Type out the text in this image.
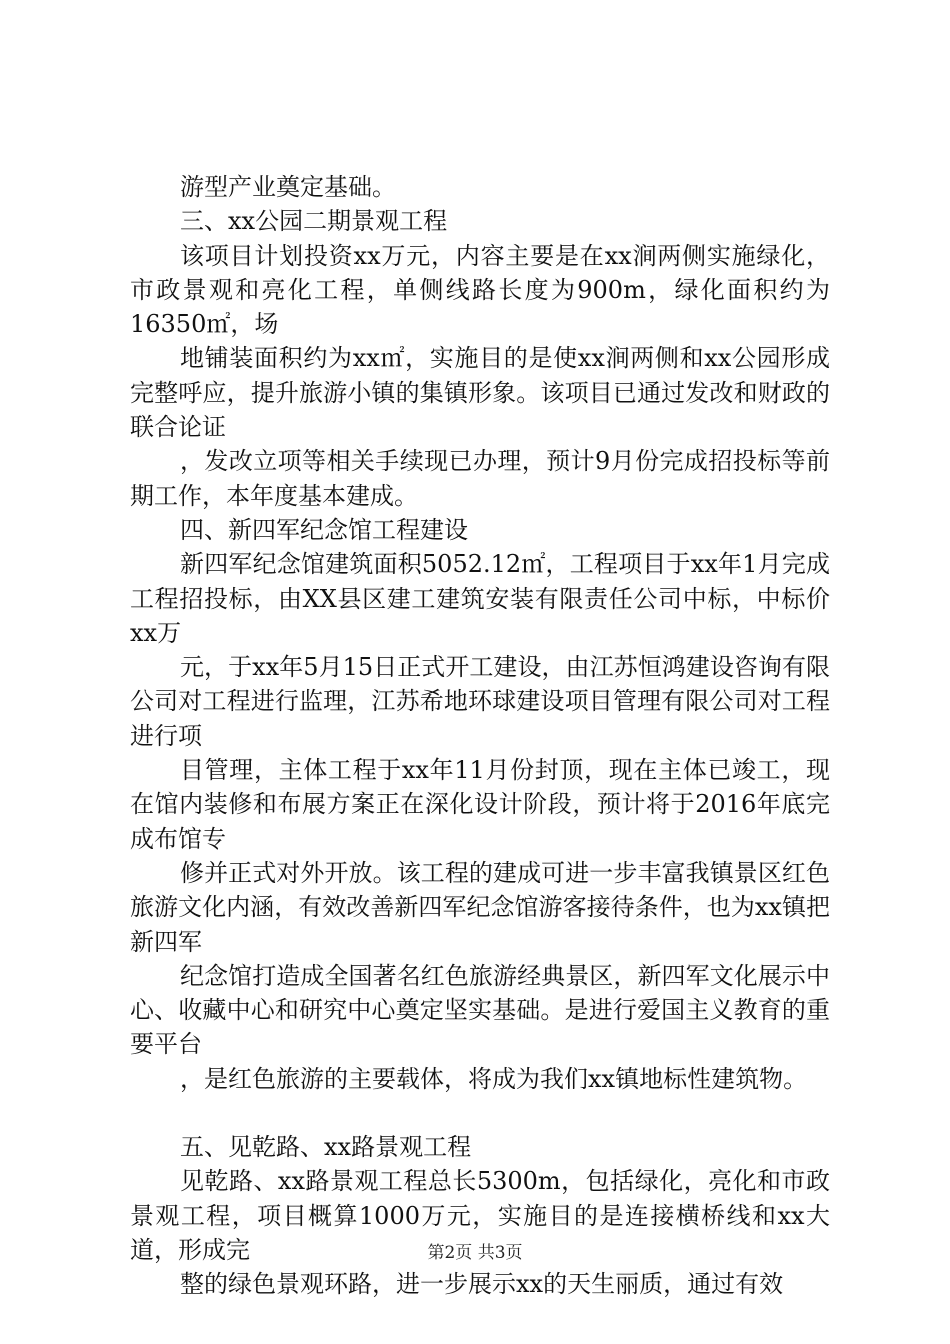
游型产业奠定基础。

三、xx公园二期景观工程

该项目计划投资xx万元，内容主要是在xx涧两侧实施绿化，市政景观和亮化工程，单侧线路长度为900m，绿化面积约为16350㎡，场

地铺装面积约为xx㎡，实施目的是使xx涧两侧和xx公园形成完整呼应，提升旅游小镇的集镇形象。该项目已通过发改和财政的联合论证

，发改立项等相关手续现已办理，预计9月份完成招投标等前期工作，本年度基本建成。

四、新四军纪念馆工程建设

新四军纪念馆建筑面积5052.12㎡，工程项目于xx年1月完成工程招投标，由XX县区建工建筑安装有限责任公司中标，中标价xx万

元，于xx年5月15日正式开工建设，由江苏恒鸿建设咨询有限公司对工程进行监理，江苏希地环球建设项目管理有限公司对工程进行项

目管理，主体工程于xx年11月份封顶，现在主体已竣工，现在馆内装修和布展方案正在深化设计阶段，预计将于2016年底完成布馆专

修并正式对外开放。该工程的建成可进一步丰富我镇景区红色旅游文化内涵，有效改善新四军纪念馆游客接待条件，也为xx镇把新四军

纪念馆打造成全国著名红色旅游经典景区，新四军文化展示中心、收藏中心和研究中心奠定坚实基础。是进行爱国主义教育的重要平台

，是红色旅游的主要载体，将成为我们xx镇地标性建筑物。

五、见乾路、xx路景观工程

见乾路、xx路景观工程总长5300m，包括绿化，亮化和市政景观工程，项目概算1000万元，实施目的是连接横桥线和xx大道，形成完

整的绿色景观环路，进一步展示xx的天生丽质，通过有效

第2页 共3页
